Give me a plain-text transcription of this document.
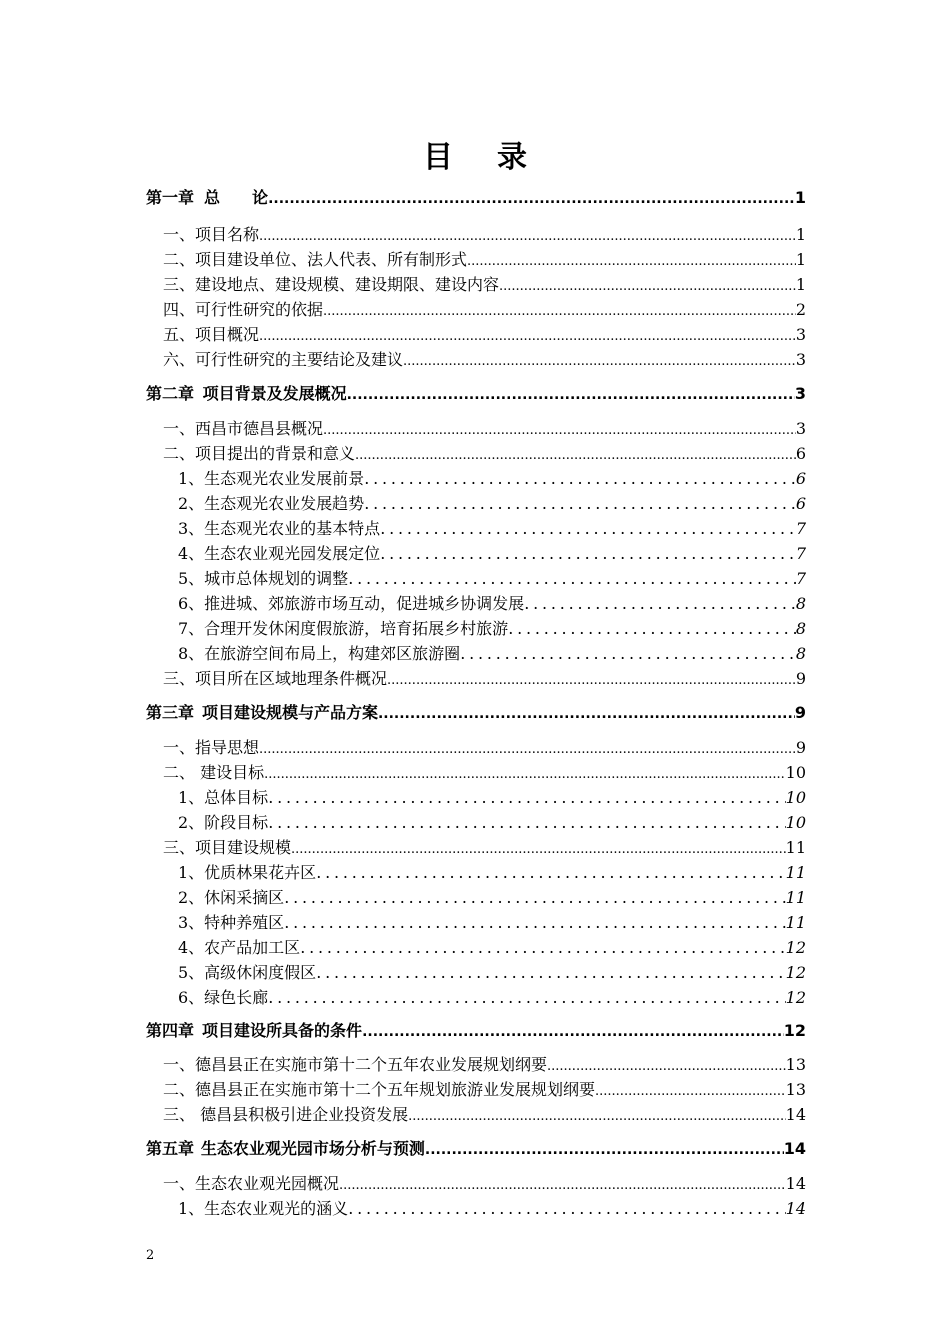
目录
第一章 总　　论 .....	1
一、项目名称 .....	1
二、项目建设单位、法人代表、所有制形式 .....	1
三、建设地点、建设规模、建设期限、建设内容 .....	1
四、可行性研究的依据 .....	2
五、项目概况 .....	3
六、可行性研究的主要结论及建议 .....	3
第二章 项目背景及发展概况 .....	3
一、西昌市德昌县概况 .....	3
二、项目提出的背景和意义 .....	6
1、生态观光农业发展前景 .....	6
2、生态观光农业发展趋势 .....	6
3、生态观光农业的基本特点 .....	7
4、生态农业观光园发展定位 .....	7
5、城市总体规划的调整 .....	7
6、推进城、郊旅游市场互动，促进城乡协调发展 .....	8
7、合理开发休闲度假旅游，培育拓展乡村旅游 .....	8
8、在旅游空间布局上，构建郊区旅游圈 .....	8
三、项目所在区域地理条件概况 .....	9
第三章 项目建设规模与产品方案 .....	9
一、指导思想 .....	9
二、 建设目标 .....	10
1、总体目标 .....	10
2、阶段目标 .....	10
三、项目建设规模 .....	11
1、优质林果花卉区 .....	11
2、休闲采摘区 .....	11
3、特种养殖区 .....	11
4、农产品加工区 .....	12
5、高级休闲度假区 .....	12
6、绿色长廊 .....	12
第四章 项目建设所具备的条件 .....	12
一、德昌县正在实施市第十二个五年农业发展规划纲要 .....	13
二、德昌县正在实施市第十二个五年规划旅游业发展规划纲要 .....	13
三、 德昌县积极引进企业投资发展 .....	14
第五章 生态农业观光园市场分析与预测 .....	14
一、生态农业观光园概况 .....	14
1、生态农业观光的涵义 .....	14
2
